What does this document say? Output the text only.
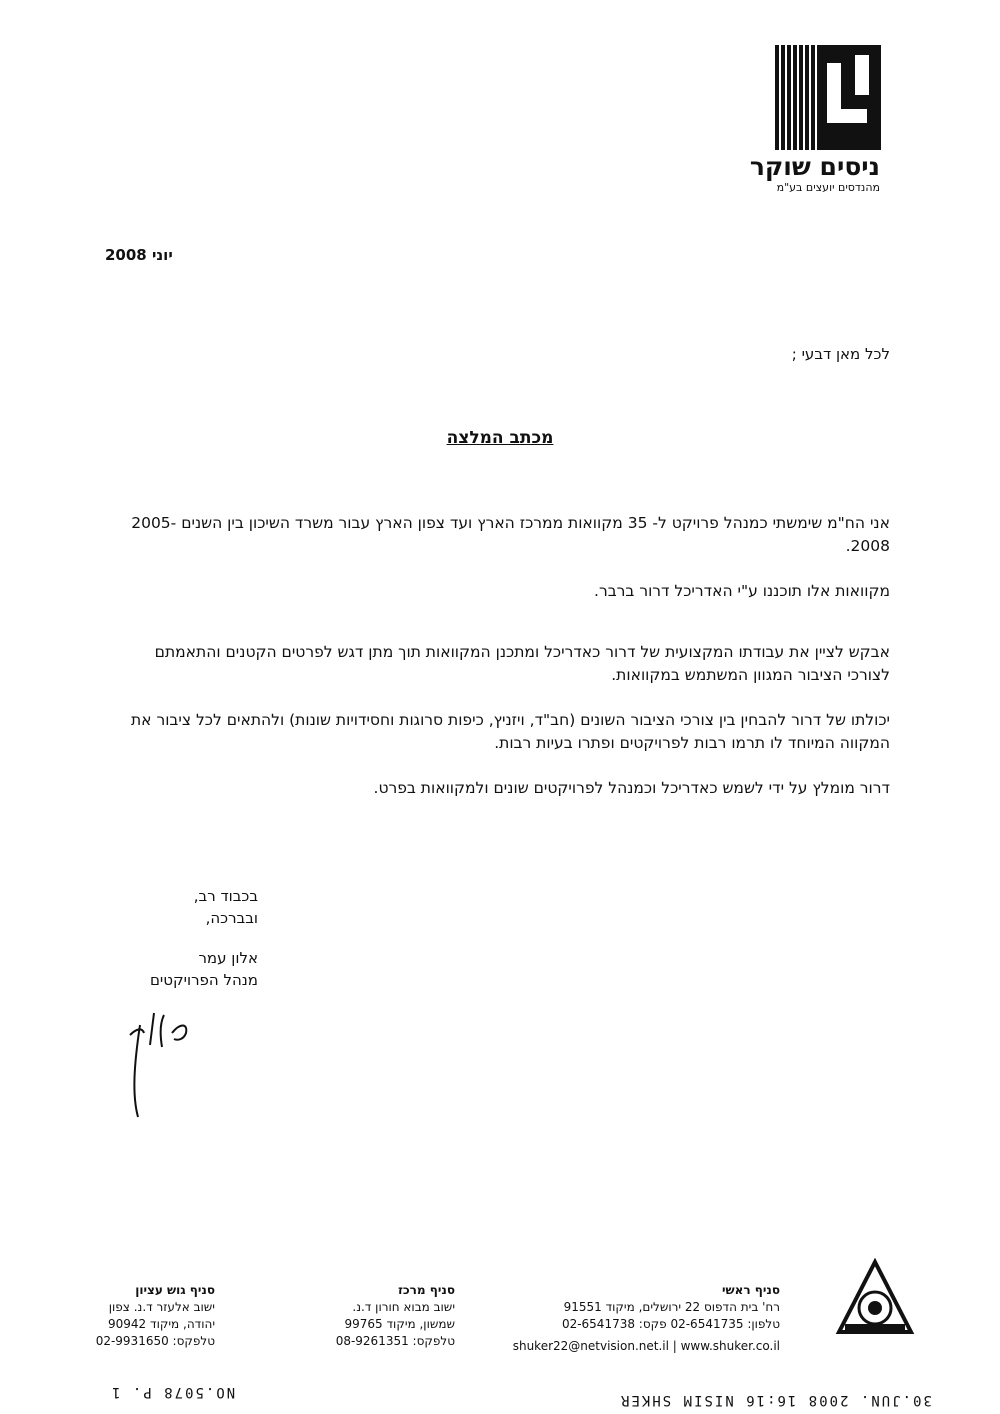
ניסים שוקר
מהנדסים יועצים בע"מ
יוני 2008
לכל מאן דבעי ;
מכתב המלצה

אני הח"מ שימשתי כמנהל פרויקט ל- 35 מקוואות ממרכז הארץ ועד צפון הארץ עבור משרד השיכון בין השנים 2005-2008.

מקוואות אלו תוכננו ע"י האדריכל דרור ברבר.

אבקש לציין את עבודתו המקצועית של דרור כאדריכל ומתכנן המקוואות תוך מתן דגש לפרטים הקטנים והתאמתם לצורכי הציבור המגוון המשתמש במקוואות.

יכולתו של דרור להבחין בין צורכי הציבור השונים (חב"ד, ויזניץ, כיפות סרוגות וחסידויות שונות) ולהתאים לכל ציבור את המקווה המיוחד לו תרמו רבות לפרויקטים ופתרו בעיות רבות.

דרור מומלץ על ידי לשמש כאדריכל וכמנהל לפרויקטים שונים ולמקוואות בפרט.

בכבוד רב,
ובברכה,
אלון עמר
מנהל הפרויקטים
סניף ראשי
רח' בית הדפוס 22 ירושלים, מיקוד 91551
טלפון: 02-6541735 פקס: 02-6541738
shuker22@netvision.net.il | www.shuker.co.il
סניף מרכז
ישוב מבוא חורון ד.נ.
שמשון, מיקוד 99765
טלפקס: 08-9261351
סניף גוש עציון
ישוב אלעזר ד.נ. צפון
יהודה, מיקוד 90942
טלפקס: 02-9931650
30.JUN. 2008 16:16 NISIM SHKER
NO.5078 P. 1
